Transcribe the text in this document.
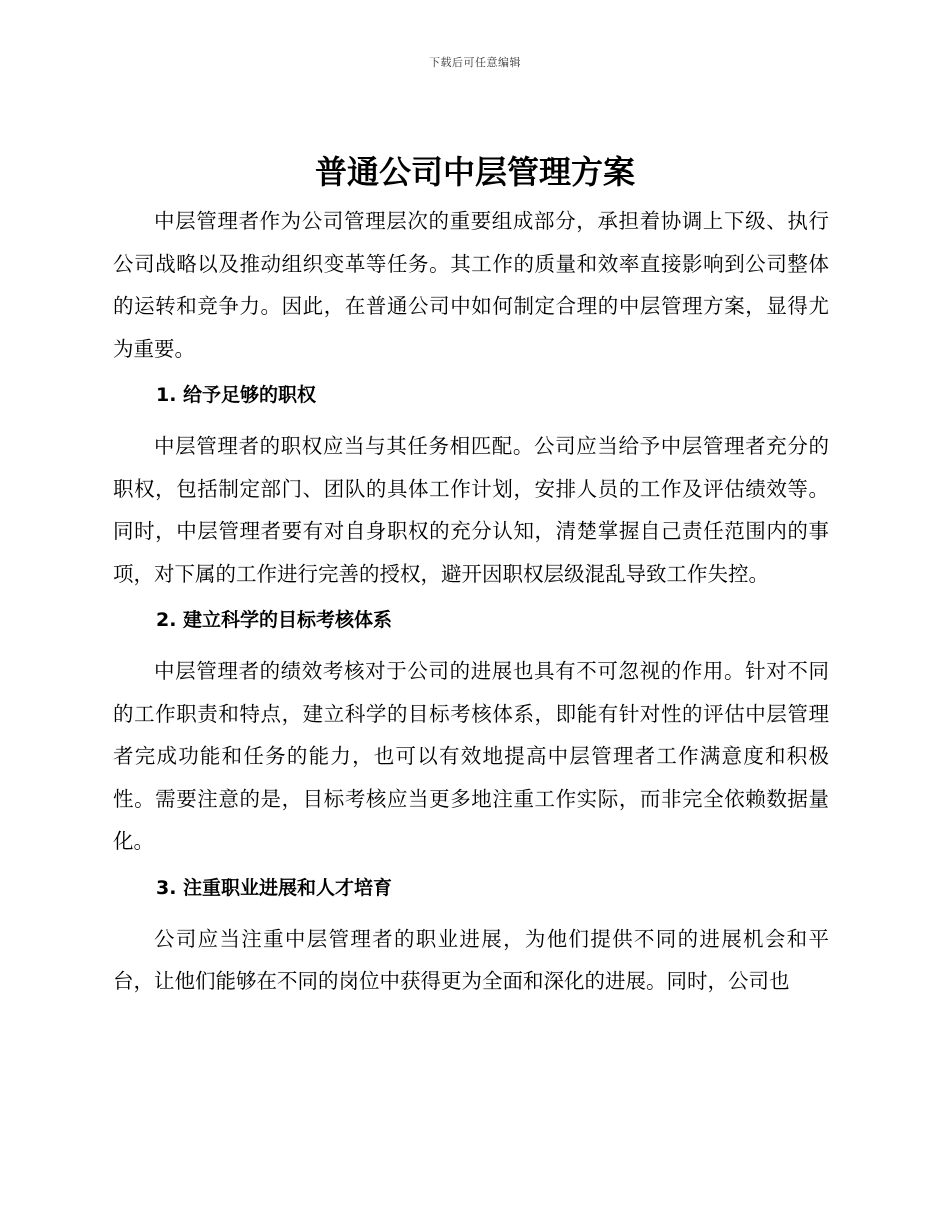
下载后可任意编辑
普通公司中层管理方案

中层管理者作为公司管理层次的重要组成部分，承担着协调上下级、执行公司战略以及推动组织变革等任务。其工作的质量和效率直接影响到公司整体的运转和竞争力。因此，在普通公司中如何制定合理的中层管理方案，显得尤为重要。

1. 给予足够的职权

中层管理者的职权应当与其任务相匹配。公司应当给予中层管理者充分的职权，包括制定部门、团队的具体工作计划，安排人员的工作及评估绩效等。同时，中层管理者要有对自身职权的充分认知，清楚掌握自己责任范围内的事项，对下属的工作进行完善的授权，避开因职权层级混乱导致工作失控。

2. 建立科学的目标考核体系

中层管理者的绩效考核对于公司的进展也具有不可忽视的作用。针对不同的工作职责和特点，建立科学的目标考核体系，即能有针对性的评估中层管理者完成功能和任务的能力，也可以有效地提高中层管理者工作满意度和积极性。需要注意的是，目标考核应当更多地注重工作实际，而非完全依赖数据量化。

3. 注重职业进展和人才培育

公司应当注重中层管理者的职业进展，为他们提供不同的进展机会和平台，让他们能够在不同的岗位中获得更为全面和深化的进展。同时，公司也
